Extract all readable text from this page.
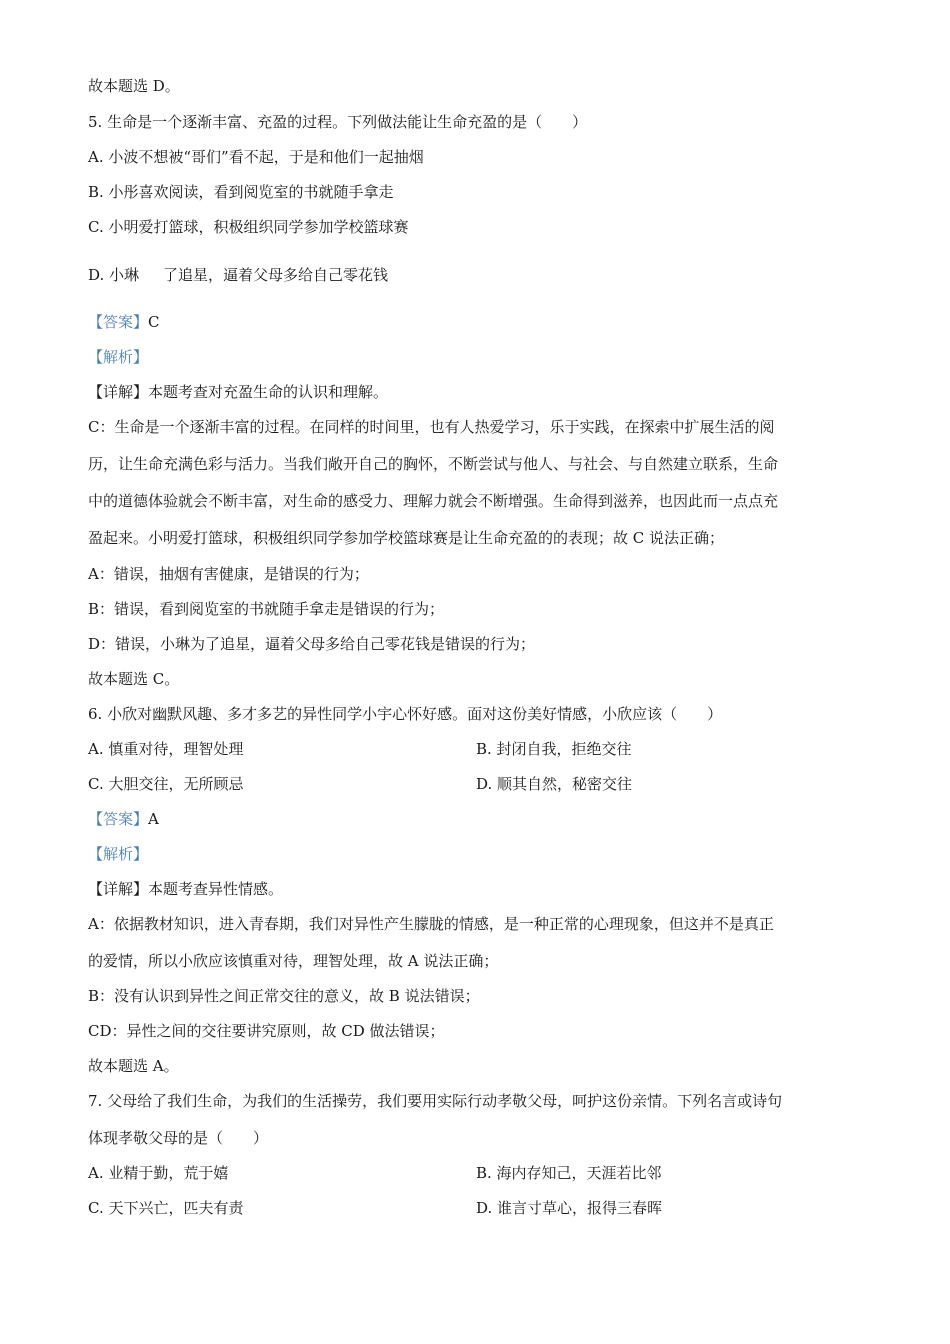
故本题选 D。
5. 生命是一个逐渐丰富、充盈的过程。下列做法能让生命充盈的是（　　）
A. 小波不想被“哥们”看不起，于是和他们一起抽烟
B. 小彤喜欢阅读，看到阅览室的书就随手拿走
C. 小明爱打篮球，积极组织同学参加学校篮球赛
D. 小琳 了追星，逼着父母多给自己零花钱
【答案】C
【解析】
【详解】本题考查对充盈生命的认识和理解。
C：生命是一个逐渐丰富的过程。在同样的时间里，也有人热爱学习，乐于实践，在探索中扩展生活的阅
历，让生命充满色彩与活力。当我们敞开自己的胸怀，不断尝试与他人、与社会、与自然建立联系，生命
中的道德体验就会不断丰富，对生命的感受力、理解力就会不断增强。生命得到滋养，也因此而一点点充
盈起来。小明爱打篮球，积极组织同学参加学校篮球赛是让生命充盈的的表现；故 C 说法正确；
A：错误，抽烟有害健康，是错误的行为；
B：错误，看到阅览室的书就随手拿走是错误的行为；
D：错误，小琳为了追星，逼着父母多给自己零花钱是错误的行为；
故本题选 C。
6. 小欣对幽默风趣、多才多艺的异性同学小宇心怀好感。面对这份美好情感，小欣应该（　　）
A. 慎重对待，理智处理	B. 封闭自我，拒绝交往
C. 大胆交往，无所顾忌	D. 顺其自然，秘密交往
【答案】A
【解析】
【详解】本题考查异性情感。
A：依据教材知识，进入青春期，我们对异性产生朦胧的情感，是一种正常的心理现象，但这并不是真正
的爱情，所以小欣应该慎重对待，理智处理，故 A 说法正确；
B：没有认识到异性之间正常交往的意义，故 B 说法错误；
CD：异性之间的交往要讲究原则，故 CD 做法错误；
故本题选 A。
7. 父母给了我们生命，为我们的生活操劳，我们要用实际行动孝敬父母，呵护这份亲情。下列名言或诗句
体现孝敬父母的是（　　）
A. 业精于勤，荒于嬉	B. 海内存知己，天涯若比邻
C. 天下兴亡，匹夫有责	D. 谁言寸草心，报得三春晖
